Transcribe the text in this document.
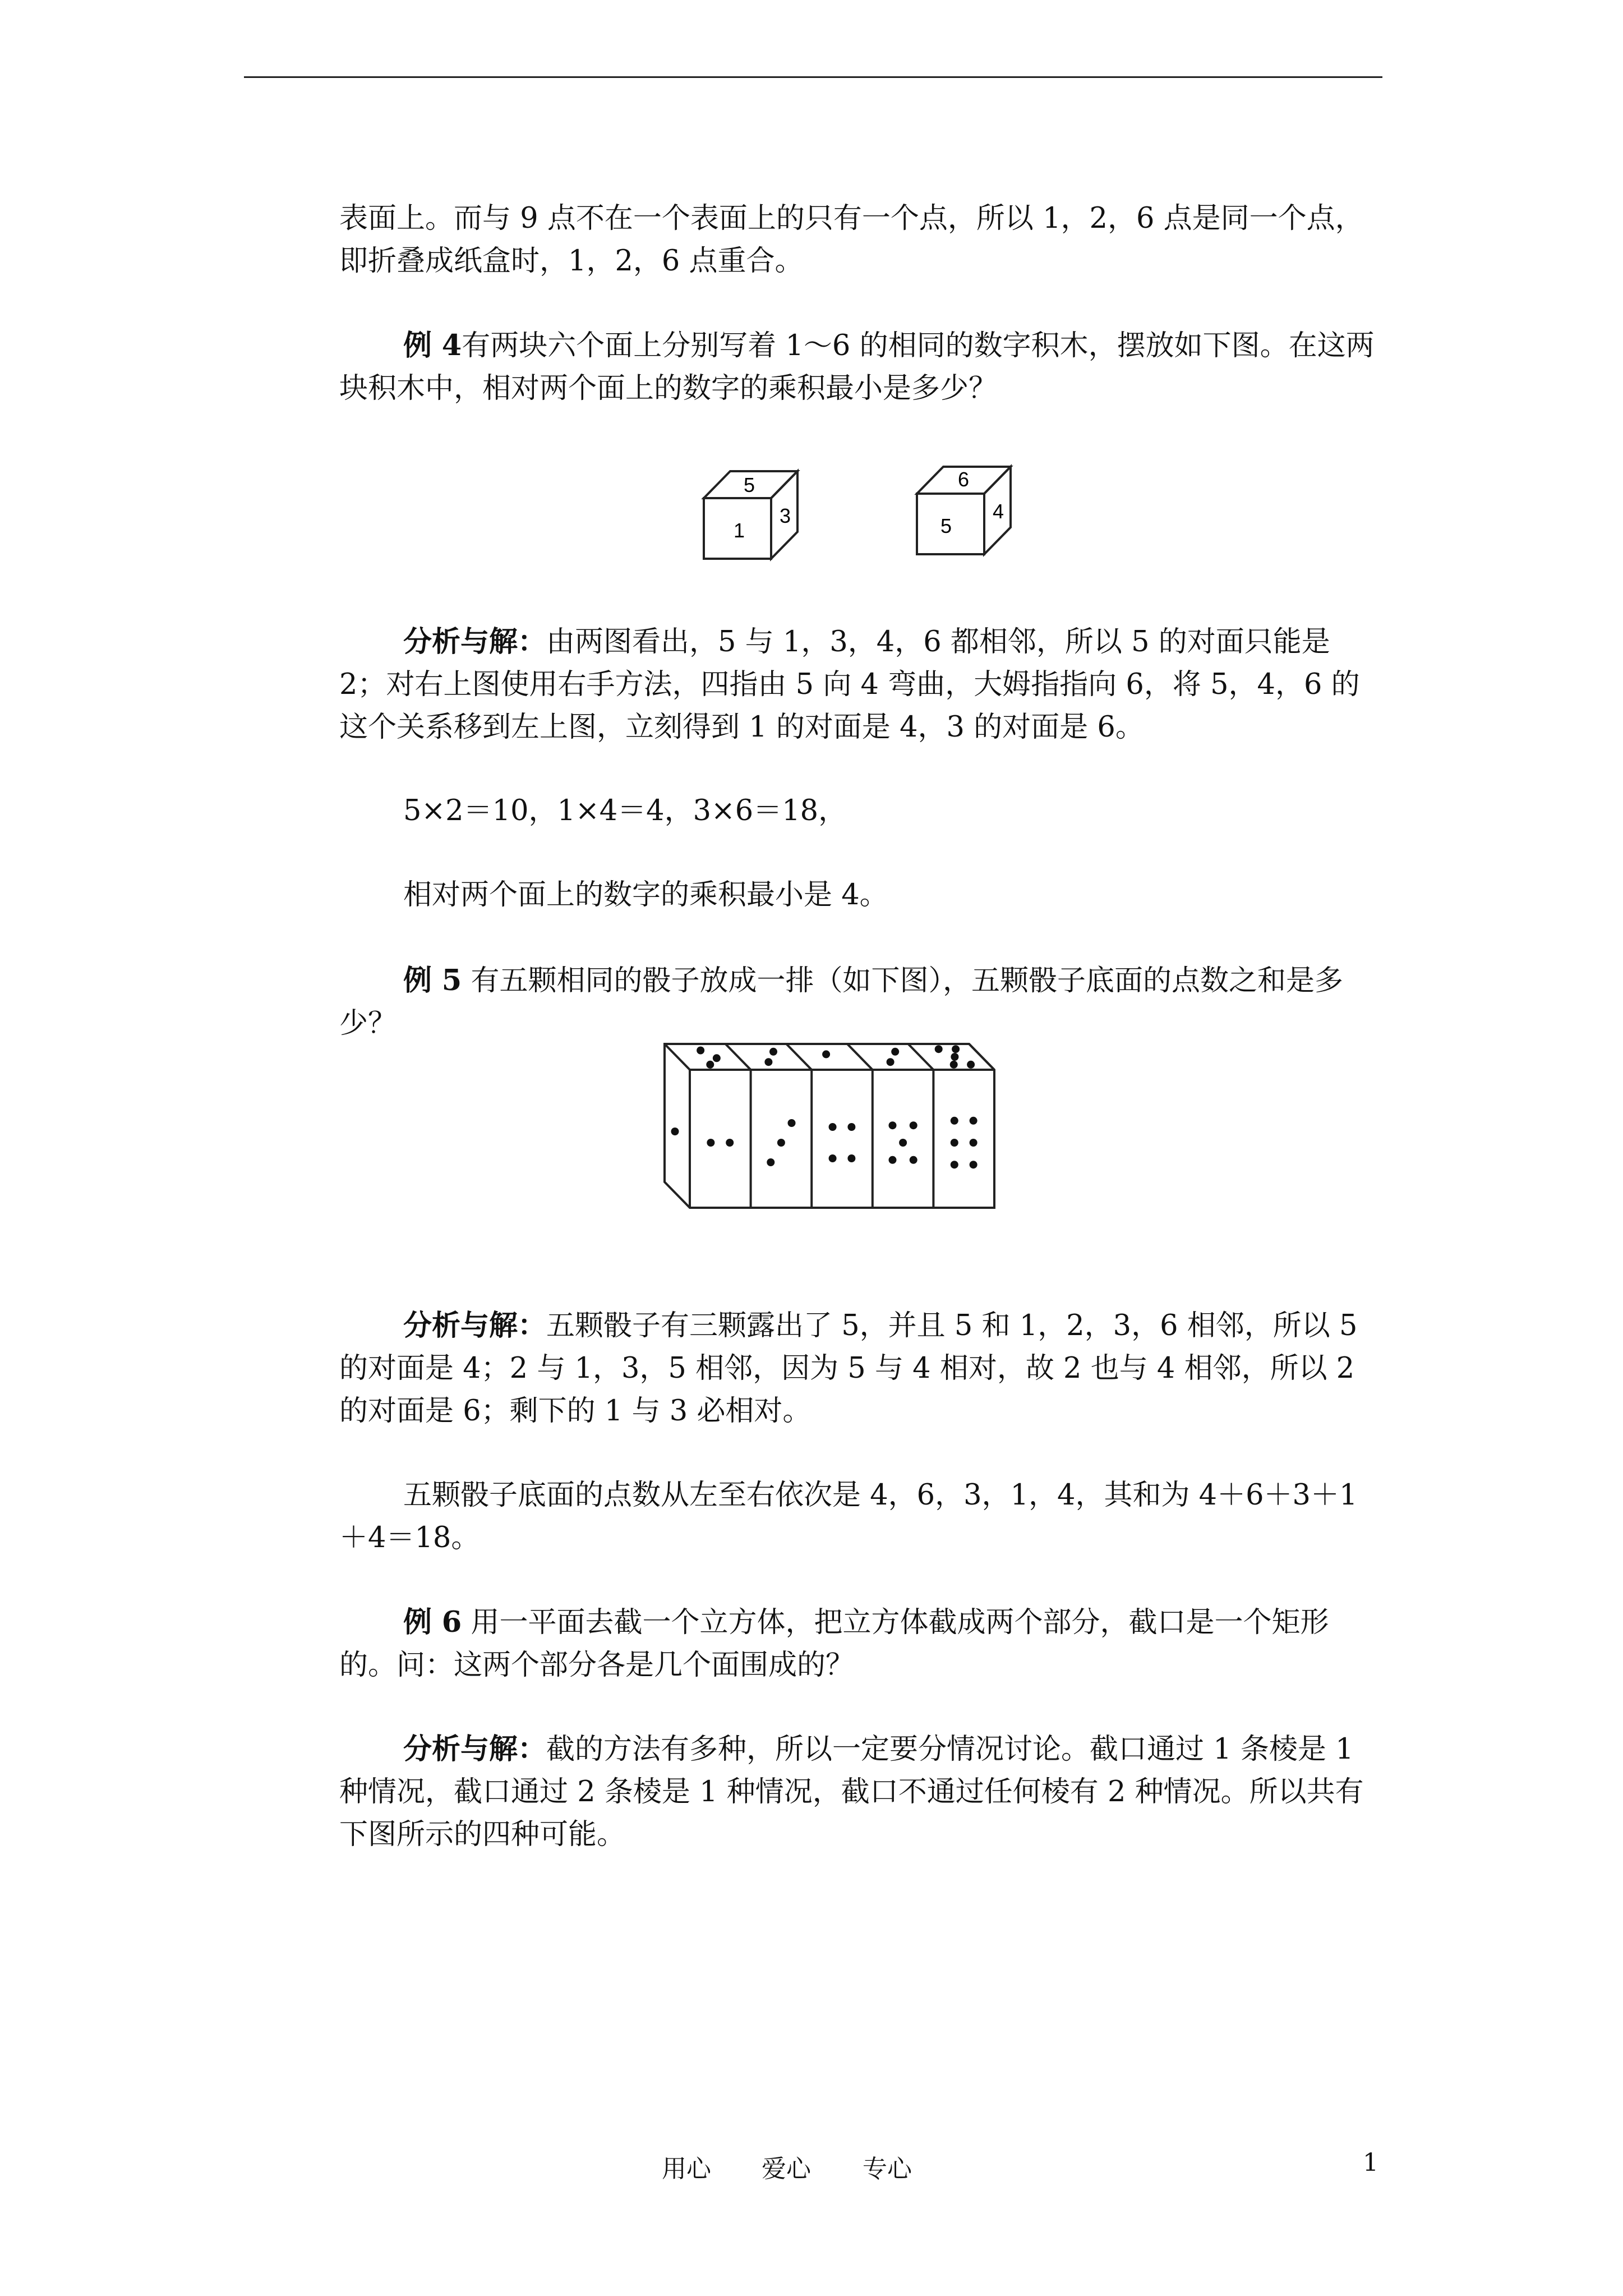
表面上。而与 9 点不在一个表面上的只有一个点，所以 1，2，6 点是同一个点，即折叠成纸盒时，1，2，6 点重合。

例 4有两块六个面上分别写着 1～6 的相同的数字积木，摆放如下图。在这两块积木中，相对两个面上的数字的乘积最小是多少？

5
1
3
6
5
4

分析与解：由两图看出，5 与 1，3，4，6 都相邻，所以 5 的对面只能是 2；对右上图使用右手方法，四指由 5 向 4 弯曲，大姆指指向 6，将 5，4，6 的这个关系移到左上图，立刻得到 1 的对面是 4，3 的对面是 6。

5×2＝10，1×4＝4，3×6＝18，

相对两个面上的数字的乘积最小是 4。

例 5 有五颗相同的骰子放成一排（如下图），五颗骰子底面的点数之和是多少？

分析与解：五颗骰子有三颗露出了 5，并且 5 和 1，2，3，6 相邻，所以 5 的对面是 4；2 与 1，3，5 相邻，因为 5 与 4 相对，故 2 也与 4 相邻，所以 2 的对面是 6；剩下的 1 与 3 必相对。

五颗骰子底面的点数从左至右依次是 4，6，3，1，4，其和为 4＋6＋3＋1＋4＝18。

例 6 用一平面去截一个立方体，把立方体截成两个部分，截口是一个矩形的。问：这两个部分各是几个面围成的？

分析与解：截的方法有多种，所以一定要分情况讨论。截口通过 1 条棱是 1 种情况，截口通过 2 条棱是 1 种情况，截口不通过任何棱有 2 种情况。所以共有下图所示的四种可能。

用心 爱心 专心	1
